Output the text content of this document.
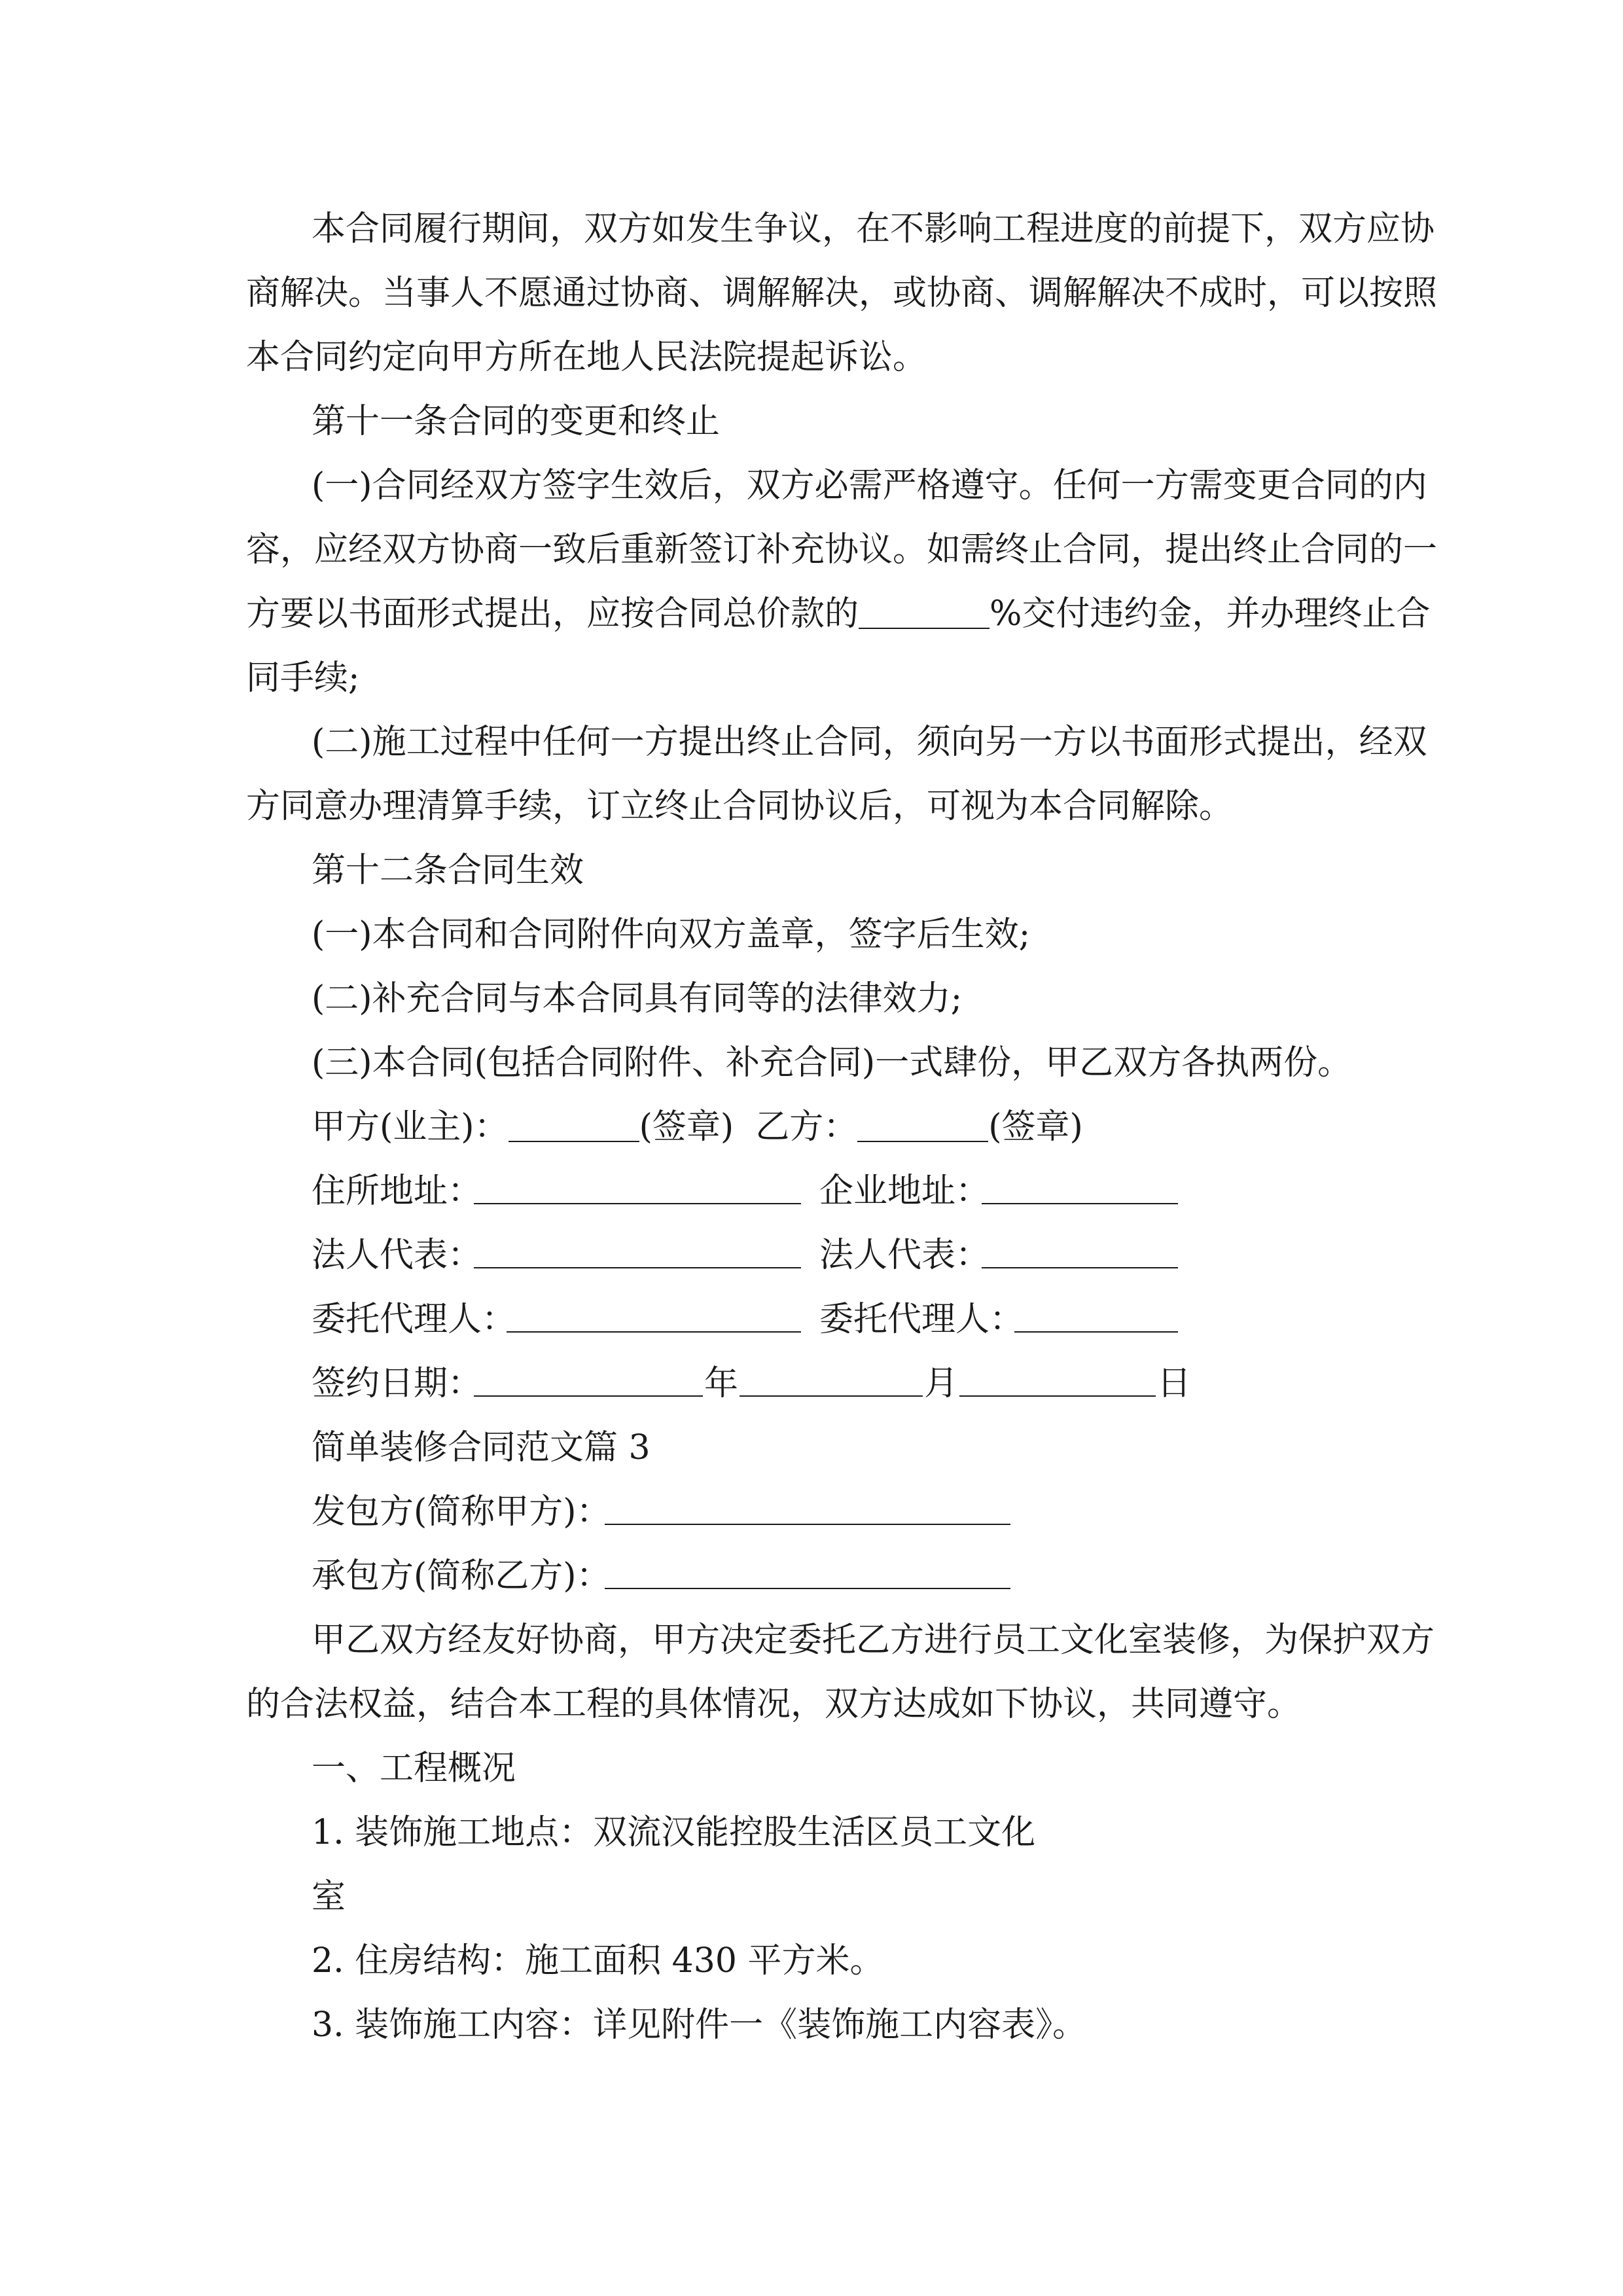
本合同履行期间，双方如发生争议，在不影响工程进度的前提下，双方应协
商解决。当事人不愿通过协商、调解解决，或协商、调解解决不成时，可以按照
本合同约定向甲方所在地人民法院提起诉讼。
第十一条合同的变更和终止
(一)合同经双方签字生效后，双方必需严格遵守。任何一方需变更合同的内
容，应经双方协商一致后重新签订补充协议。如需终止合同，提出终止合同的一
方要以书面形式提出，应按合同总价款的	%交付违约金，并办理终止合
同手续;
(二)施工过程中任何一方提出终止合同，须向另一方以书面形式提出，经双
方同意办理清算手续，订立终止合同协议后，可视为本合同解除。
第十二条合同生效
(一)本合同和合同附件向双方盖章，签字后生效;
(二)补充合同与本合同具有同等的法律效力;
(三)本合同(包括合同附件、补充合同)一式肆份，甲乙双方各执两份。
甲方(业主)：	(签章) 乙方：	(签章)
住所地址：	企业地址：
法人代表：	法人代表：
委托代理人：	委托代理人：
签约日期：	年	月	日
简单装修合同范文篇 3
发包方(简称甲方)：
承包方(简称乙方)：
甲乙双方经友好协商，甲方决定委托乙方进行员工文化室装修，为保护双方
的合法权益，结合本工程的具体情况，双方达成如下协议，共同遵守。
一、工程概况
1. 装饰施工地点：双流汉能控股生活区员工文化
室
2. 住房结构：施工面积 430 平方米。
3. 装饰施工内容：详见附件一《装饰施工内容表》。
